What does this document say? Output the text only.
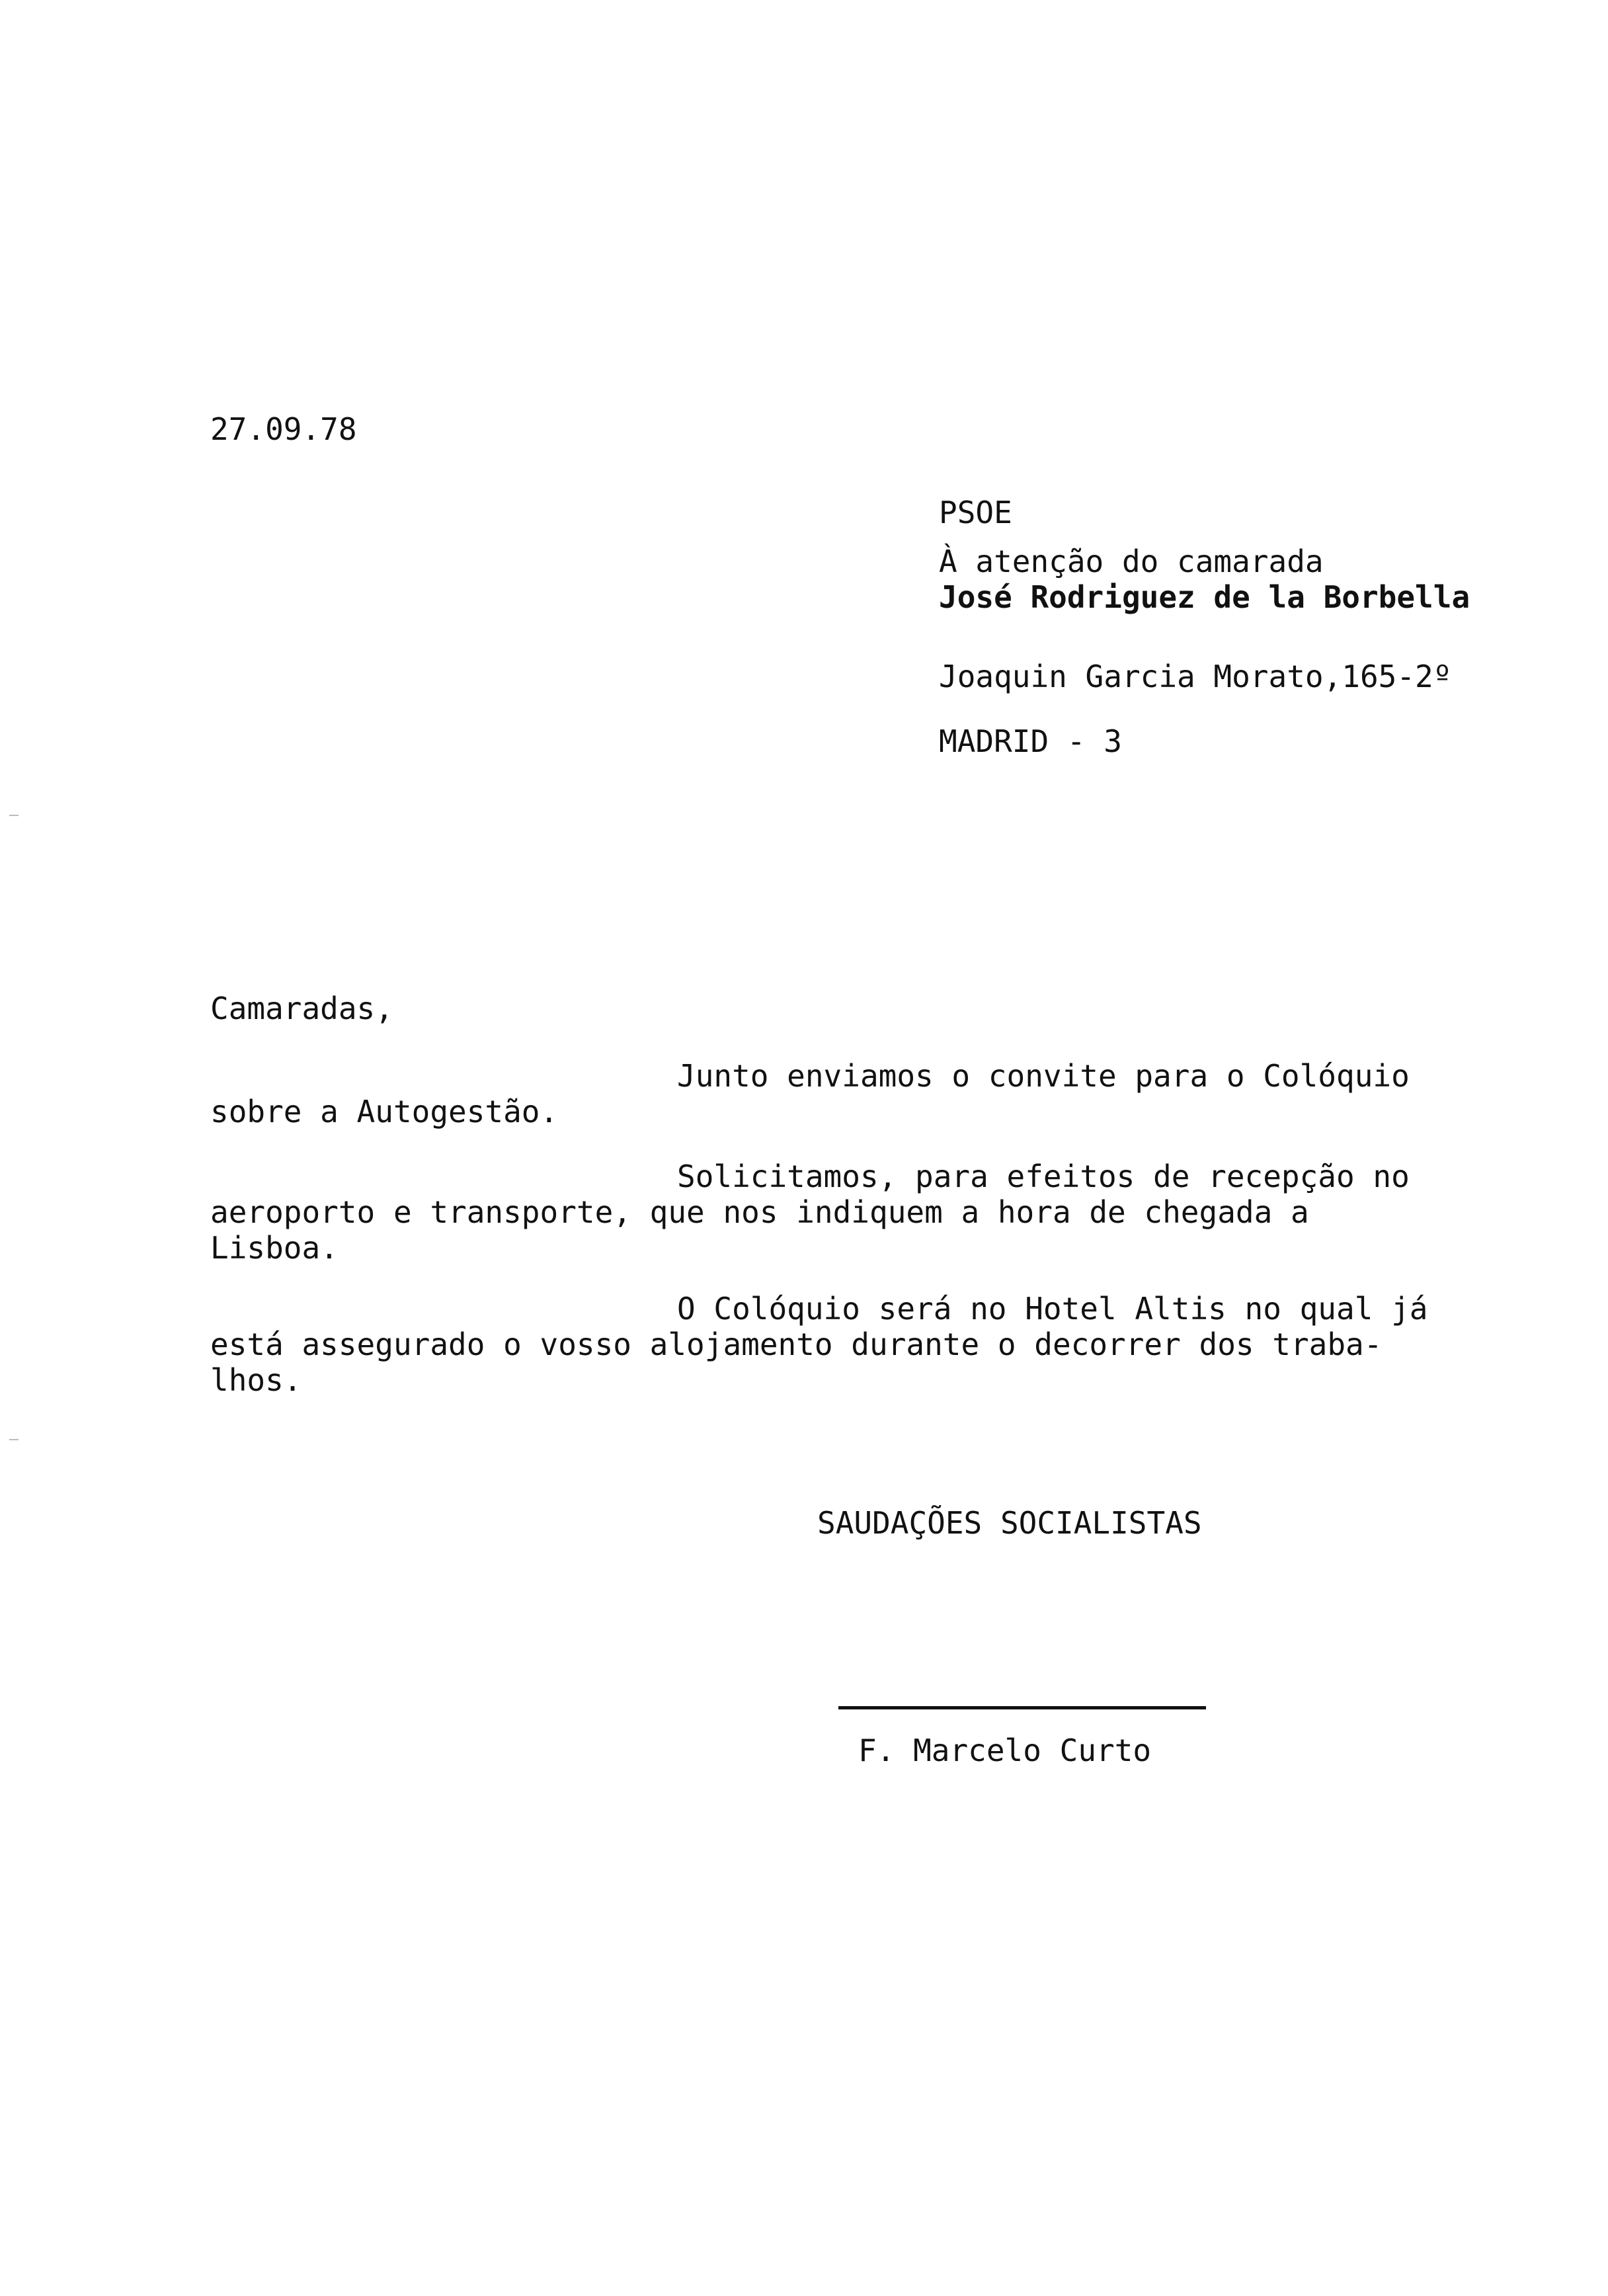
27.09.78
PSOE
À atenção do camarada
José Rodriguez de la Borbella
Joaquin Garcia Morato,165-2º
MADRID - 3
Camaradas,
Junto enviamos o convite para o Colóquio
sobre a Autogestão.
Solicitamos, para efeitos de recepção no
aeroporto e transporte, que nos indiquem a hora de chegada a
Lisboa.
O Colóquio será no Hotel Altis no qual já
está assegurado o vosso alojamento durante o decorrer dos traba-
lhos.
SAUDAÇÕES SOCIALISTAS
F. Marcelo Curto
